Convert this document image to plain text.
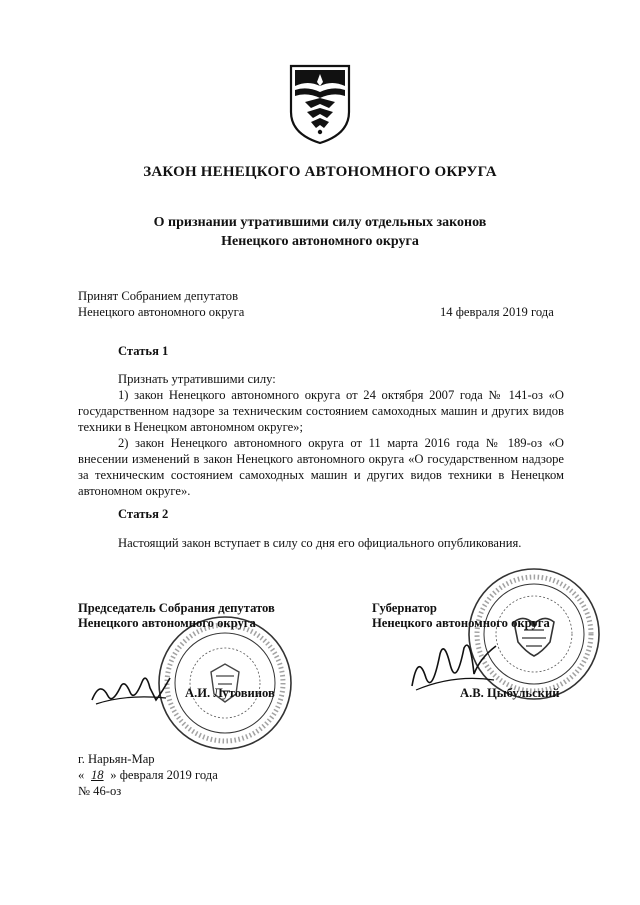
ЗАКОН НЕНЕЦКОГО АВТОНОМНОГО ОКРУГА
О признании утратившими силу отдельных законов
Ненецкого автономного округа
Принят Собранием депутатов
Ненецкого автономного округа	14 февраля 2019 года
Статья 1
Признать утратившими силу:
1) закон Ненецкого автономного округа от 24 октября 2007 года № 141-оз «О государственном надзоре за техническим состоянием самоходных машин и других видов техники в Ненецком автономном округе»;
2) закон Ненецкого автономного округа от 11 марта 2016 года № 189-оз «О внесении изменений в закон Ненецкого автономного округа «О государственном надзоре за техническим состоянием самоходных машин и других видов техники в Ненецком автономном округе».
Статья 2
Настоящий закон вступает в силу со дня его официального опубликования.
Председатель Собрания депутатов
Ненецкого автономного округа
Губернатор
Ненецкого автономного округа
А.И. Лутовинов	А.В. Цыбульский
г. Нарьян-Мар
« 18 » февраля 2019 года
№ 46-оз
